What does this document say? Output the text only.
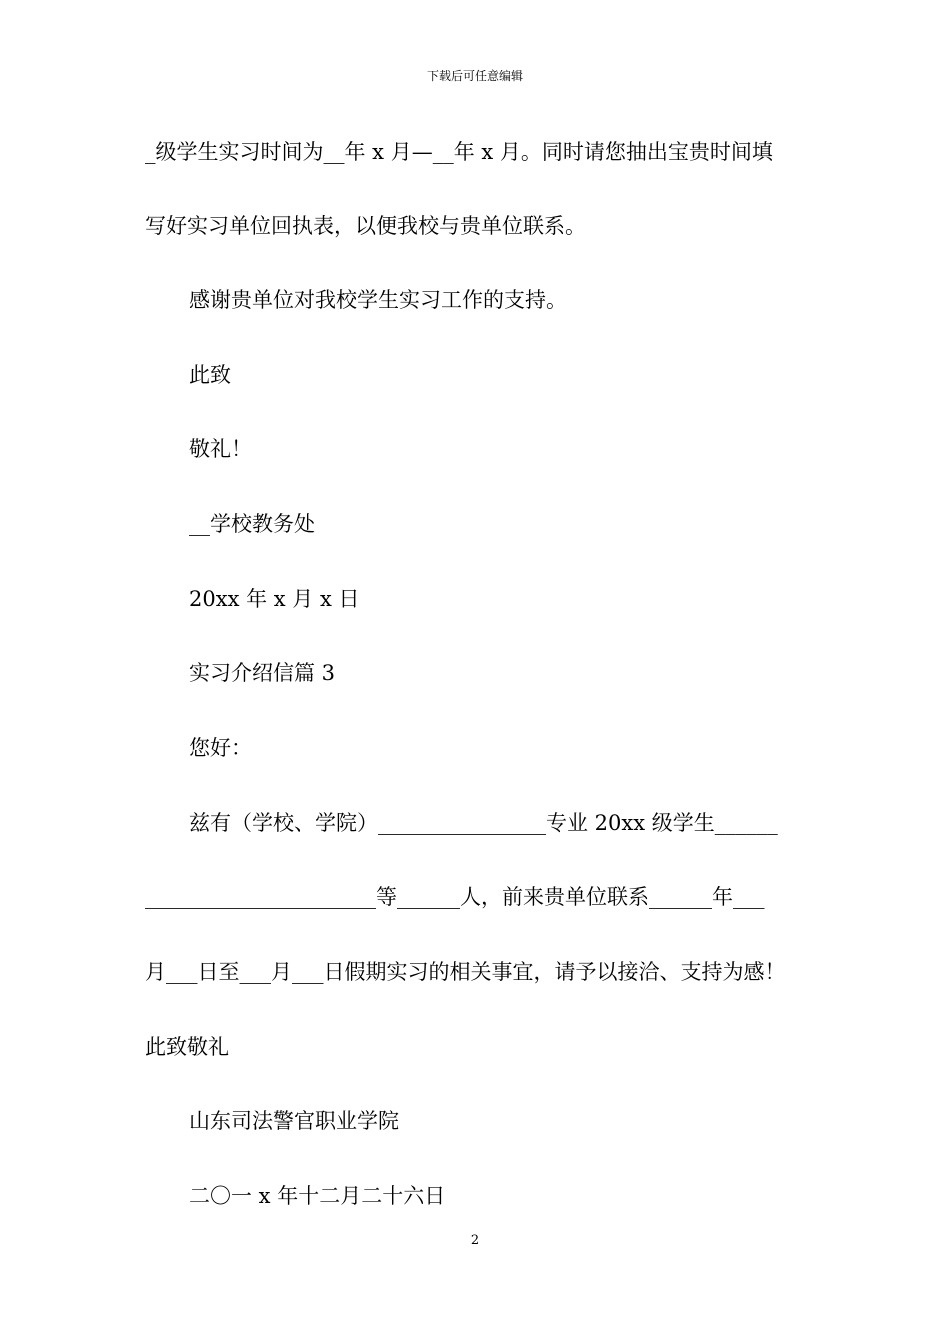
下载后可任意编辑
_级学生实习时间为__年 x 月—__年 x 月。同时请您抽出宝贵时间填
写好实习单位回执表，以便我校与贵单位联系。
感谢贵单位对我校学生实习工作的支持。
此致
敬礼！
__学校教务处
20xx 年 x 月 x 日
实习介绍信篇 3
您好：
兹有（学校、学院）________________专业 20xx 级学生______
______________________等______人，前来贵单位联系______年___
月___日至___月___日假期实习的相关事宜，请予以接洽、支持为感！
此致敬礼
山东司法警官职业学院
二〇一 x 年十二月二十六日
2
